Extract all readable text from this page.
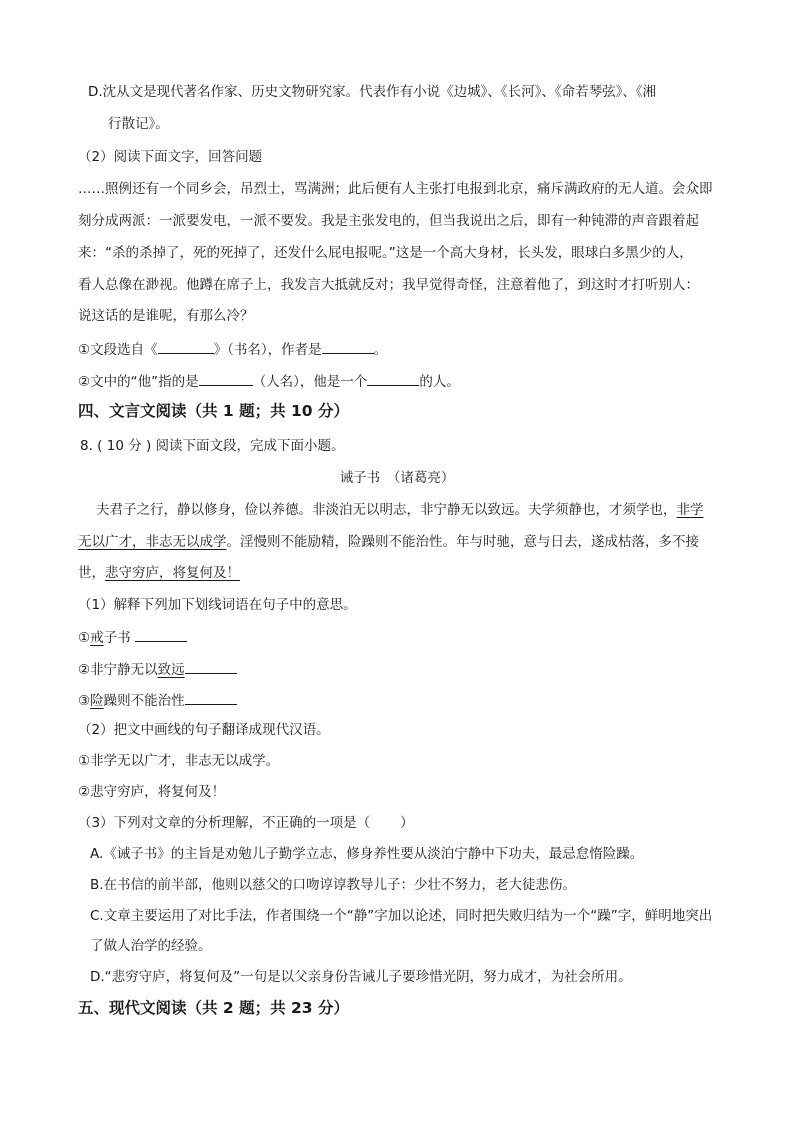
D.沈从文是现代著名作家、历史文物研究家。代表作有小说《边城》、《长河》、《命若琴弦》、《湘
行散记》。
（2）阅读下面文字，回答问题
……照例还有一个同乡会，吊烈士，骂满洲；此后便有人主张打电报到北京，痛斥满政府的无人道。会众即
刻分成两派：一派要发电，一派不要发。我是主张发电的，但当我说出之后，即有一种钝滞的声音跟着起
来：“杀的杀掉了，死的死掉了，还发什么屁电报呢。”这是一个高大身材，长头发，眼球白多黑少的人，
看人总像在渺视。他蹲在席子上，我发言大抵就反对；我早觉得奇怪，注意着他了，到这时才打听别人：
说这话的是谁呢，有那么冷？
①文段选自《	》（书名），作者是	。
②文中的“他”指的是	（人名），他是一个	的人。
四、文言文阅读（共 1 题；共 10 分）
8. ( 10 分 ) 阅读下面文段，完成下面小题。
诫子书　（诸葛亮）
夫君子之行，静以修身，俭以养德。非淡泊无以明志，非宁静无以致远。夫学须静也，才须学也，非学
无以广才，非志无以成学。淫慢则不能励精，险躁则不能治性。年与时驰，意与日去，遂成枯落，多不接
世，悲守穷庐，将复何及！
（1）解释下列加下划线词语在句子中的意思。
①戒子书
②非宁静无以致远
③险躁则不能治性
（2）把文中画线的句子翻译成现代汉语。
①非学无以广才，非志无以成学。
②悲守穷庐，将复何及！
（3）下列对文章的分析理解，不正确的一项是（ ）
A.《诫子书》的主旨是劝勉儿子勤学立志，修身养性要从淡泊宁静中下功夫，最忌怠惰险躁。
B.在书信的前半部，他则以慈父的口吻谆谆教导儿子：少壮不努力，老大徒悲伤。
C.文章主要运用了对比手法，作者围绕一个“静”字加以论述，同时把失败归结为一个“躁”字，鲜明地突出
了做人治学的经验。
D.“悲穷守庐，将复何及”一句是以父亲身份告诫儿子要珍惜光阴，努力成才，为社会所用。
五、现代文阅读（共 2 题；共 23 分）
